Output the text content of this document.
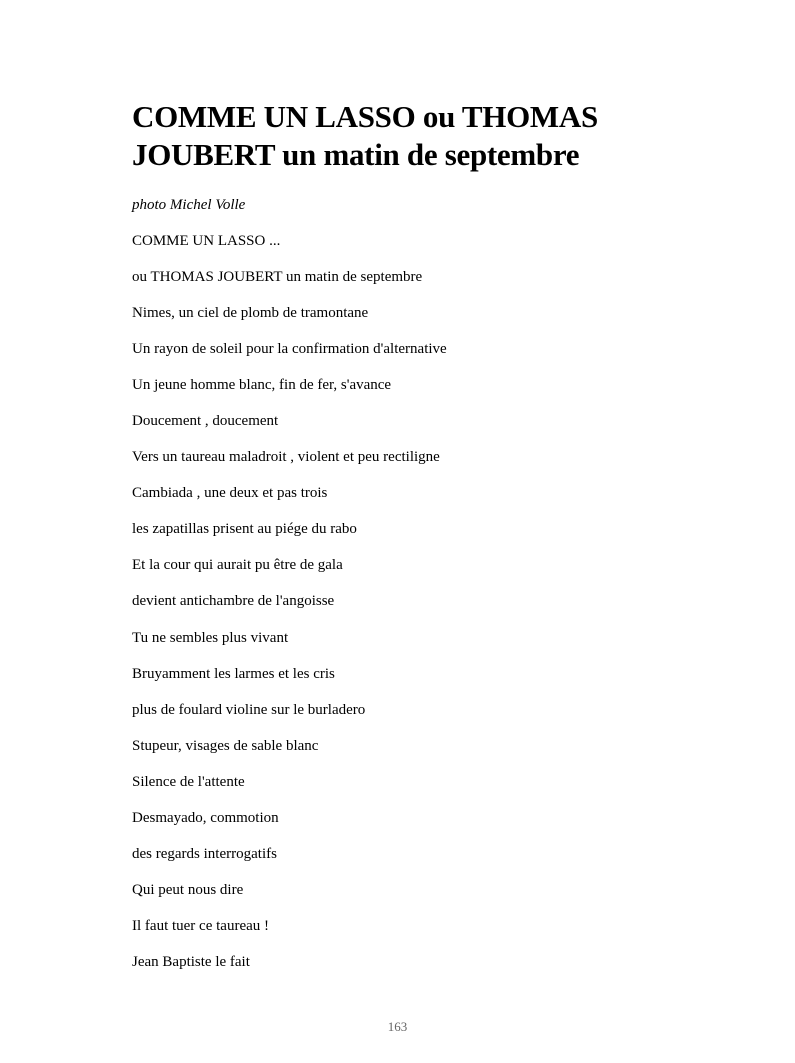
COMME UN LASSO ou THOMAS
JOUBERT un matin de septembre
photo Michel Volle
COMME UN LASSO ...
ou THOMAS JOUBERT un matin de septembre
Nimes, un ciel de plomb de tramontane
Un rayon de soleil pour la confirmation d'alternative
Un jeune homme blanc, fin de fer, s'avance
Doucement , doucement
Vers un taureau maladroit , violent et peu rectiligne
Cambiada , une deux et pas trois
les zapatillas prisent au piége du rabo
Et la cour qui aurait pu être de gala
devient antichambre de l'angoisse
Tu ne sembles plus vivant
Bruyamment les larmes et les cris
plus de foulard violine sur le burladero
Stupeur, visages de sable blanc
Silence de l'attente
Desmayado, commotion
des regards interrogatifs
Qui peut nous dire
Il faut tuer ce taureau !
Jean Baptiste le fait
163
